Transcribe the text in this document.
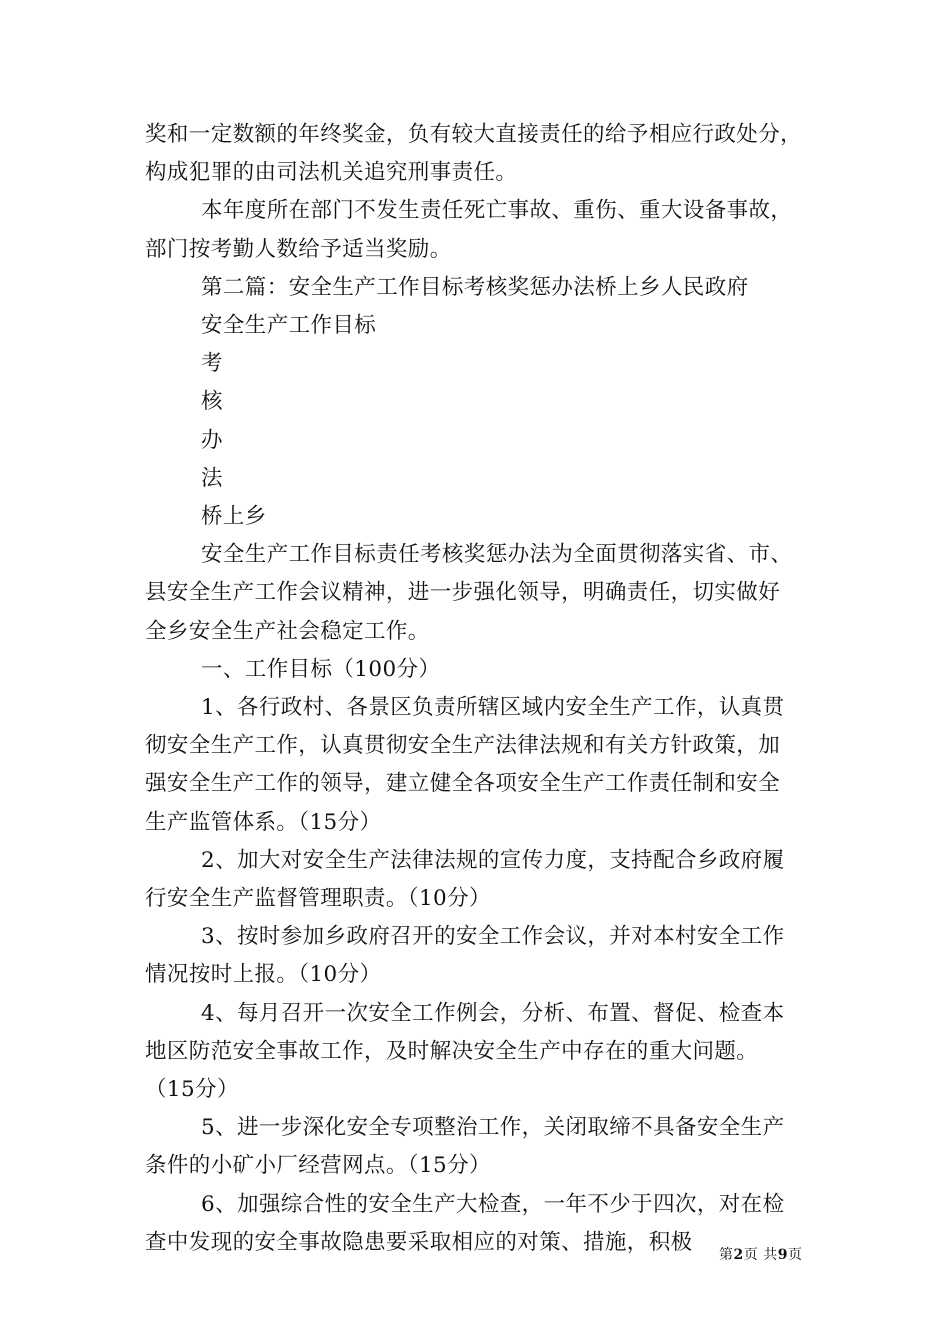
奖和一定数额的年终奖金，负有较大直接责任的给予相应行政处分，

构成犯罪的由司法机关追究刑事责任。

本年度所在部门不发生责任死亡事故、重伤、重大设备事故，

部门按考勤人数给予适当奖励。

第二篇：安全生产工作目标考核奖惩办法桥上乡人民政府

安全生产工作目标

考

核

办

法

桥上乡

安全生产工作目标责任考核奖惩办法为全面贯彻落实省、市、

县安全生产工作会议精神，进一步强化领导，明确责任，切实做好

全乡安全生产社会稳定工作。

一、工作目标（100分）

1、各行政村、各景区负责所辖区域内安全生产工作，认真贯

彻安全生产工作，认真贯彻安全生产法律法规和有关方针政策，加

强安全生产工作的领导，建立健全各项安全生产工作责任制和安全

生产监管体系。（15分）

2、加大对安全生产法律法规的宣传力度，支持配合乡政府履

行安全生产监督管理职责。（10分）

3、按时参加乡政府召开的安全工作会议，并对本村安全工作

情况按时上报。（10分）

4、每月召开一次安全工作例会，分析、布置、督促、检查本

地区防范安全事故工作，及时解决安全生产中存在的重大问题。

（15分）

5、进一步深化安全专项整治工作，关闭取缔不具备安全生产

条件的小矿小厂经营网点。（15分）

6、加强综合性的安全生产大检查，一年不少于四次，对在检

查中发现的安全事故隐患要采取相应的对策、措施，积极

第2页 共9页
